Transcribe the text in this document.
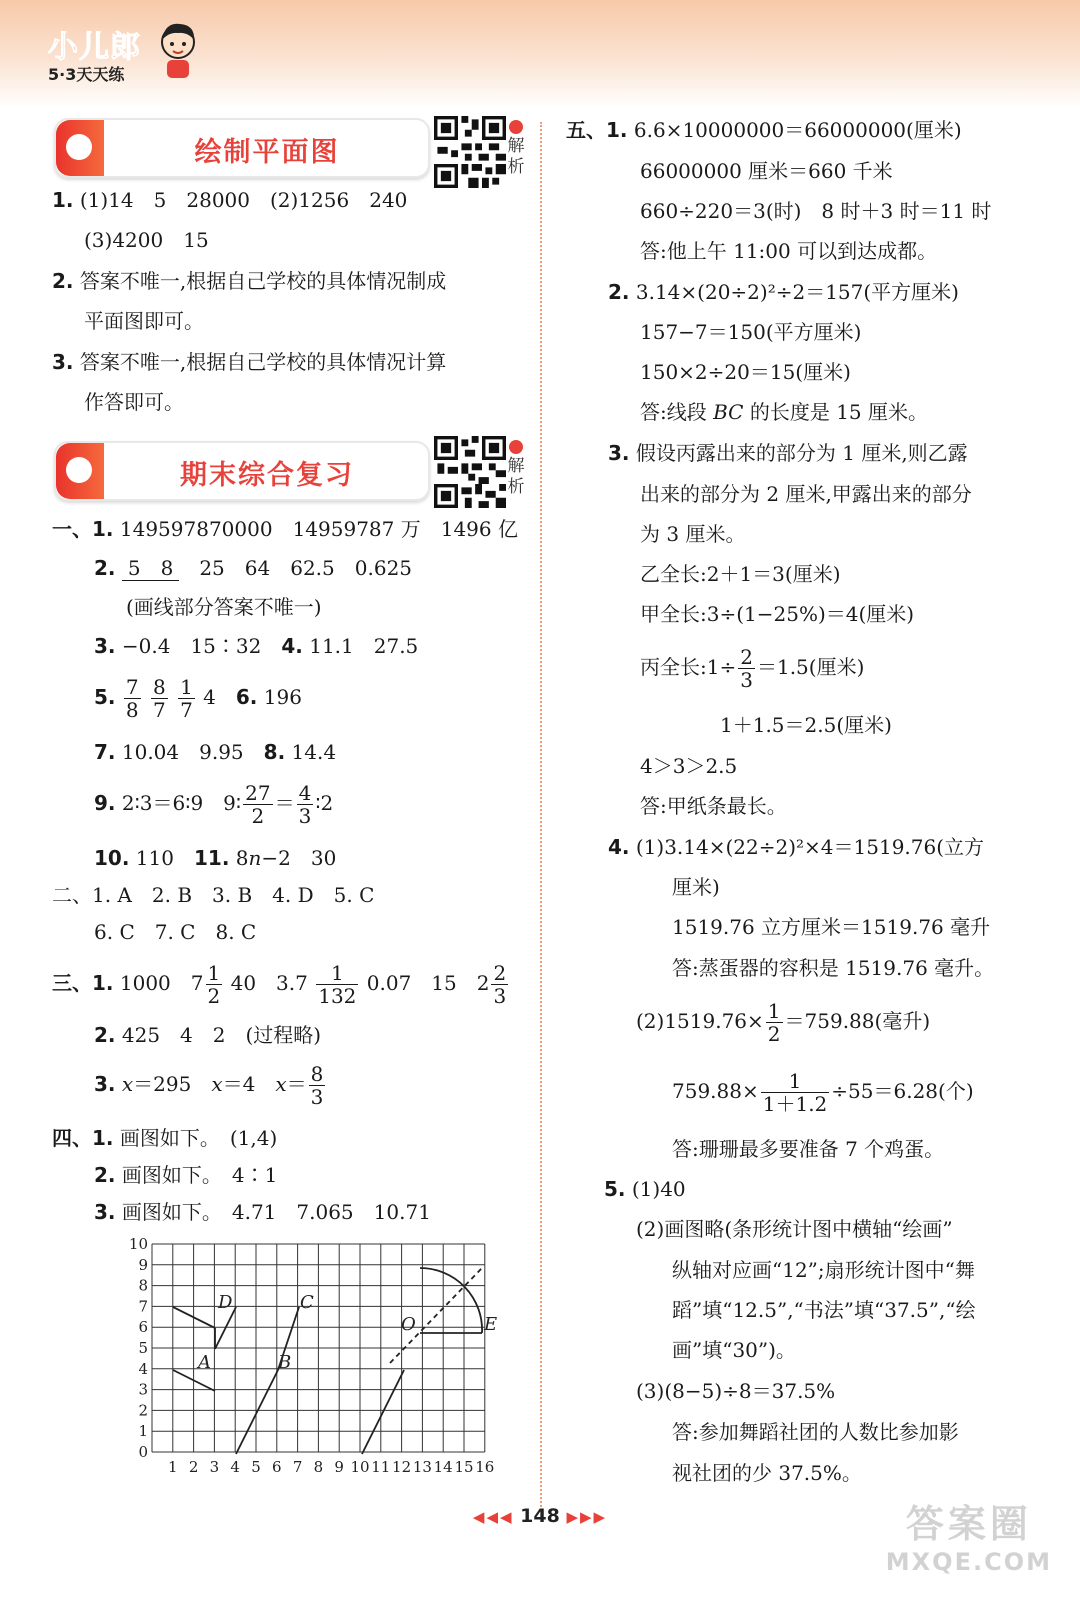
小儿郎
5·3天天练
绘制平面图	解析
1. (1)14　5　28000　(2)1256　240
(3)4200　15
2. 答案不唯一,根据自己学校的具体情况制成
平面图即可。
3. 答案不唯一,根据自己学校的具体情况计算
作答即可。
期末综合复习	解析
一、1. 149597870000　14959787 万　1496 亿
2. 5　8　25　64　62.5　0.625
(画线部分答案不唯一)
3. −0.4　15∶32　 4. 11.1　27.5
5. $\frac{7}{8}$
$\frac{8}{7}$
$\frac{1}{7} 4$　 6. 196
7. 10.04　9.95　 8. 14.4
9. 2∶3＝6∶9　9∶ $\frac{27}{2} = \frac{4}{3}$ ∶2
10. 110　 11. 8n−2　30
二、1. A　2. B　3. B　4. D　5. C
6. C　7. C　8. C
三、1. 1000　$7 \frac{1}{2} 40$　$3.7 \frac{1}{132} 0.07$　15　$2 \frac{2}{3}$
2. 425　4　2　(过程略)
3. x＝295　x＝4　$x= \frac{8}{3}$
四、1. 画图如下。　(1,4)
2. 画图如下。　4∶1
3. 画图如下。　4.71　7.065　10.71
10
9
8
7
6
5
4
3
2
1
0
1 2 3 4 5 6 7 8 9 10 11 12 13 14 15 16
D	C
A	B
O	E
五、1. 6.6×10000000＝66000000(厘米)
66000000 厘米＝660 千米
660÷220＝3(时)　8 时＋3 时＝11 时
答:他上午 11:00 可以到达成都。
2. 3.14×(20÷2)²÷2＝157(平方厘米)
157−7＝150(平方厘米)
150×2÷20＝15(厘米)
答:线段 BC 的长度是 15 厘米。
3. 假设丙露出来的部分为 1 厘米,则乙露
出来的部分为 2 厘米,甲露出来的部分
为 3 厘米。
乙全长:2＋1＝3(厘米)
甲全长:3÷(1−25%)＝4(厘米)
丙全长:1÷ $\frac{2}{3} =1.5$(厘米)
1＋1.5＝2.5(厘米)
4＞3＞2.5
答:甲纸条最长。
4. (1)3.14×(22÷2)²×4＝1519.76(立方
厘米)
1519.76 立方厘米＝1519.76 毫升
答:蒸蛋器的容积是 1519.76 毫升。
$(2)1519.76\times \frac{1}{2} =759.88$(毫升)
$759.88\times \frac{1}{1+1.2} \div 55=6.28$(个)
答:珊珊最多要准备 7 个鸡蛋。
5. (1)40
(2)画图略(条形统计图中横轴“绘画”
纵轴对应画“12”;扇形统计图中“舞
蹈”填“12.5”,“书法”填“37.5”,“绘
画”填“30”)。
(3)(8−5)÷8＝37.5%
答:参加舞蹈社团的人数比参加影
视社团的少 37.5%。
◀◀◀ 148 ▶▶▶	答案圈
MXQE.COM
